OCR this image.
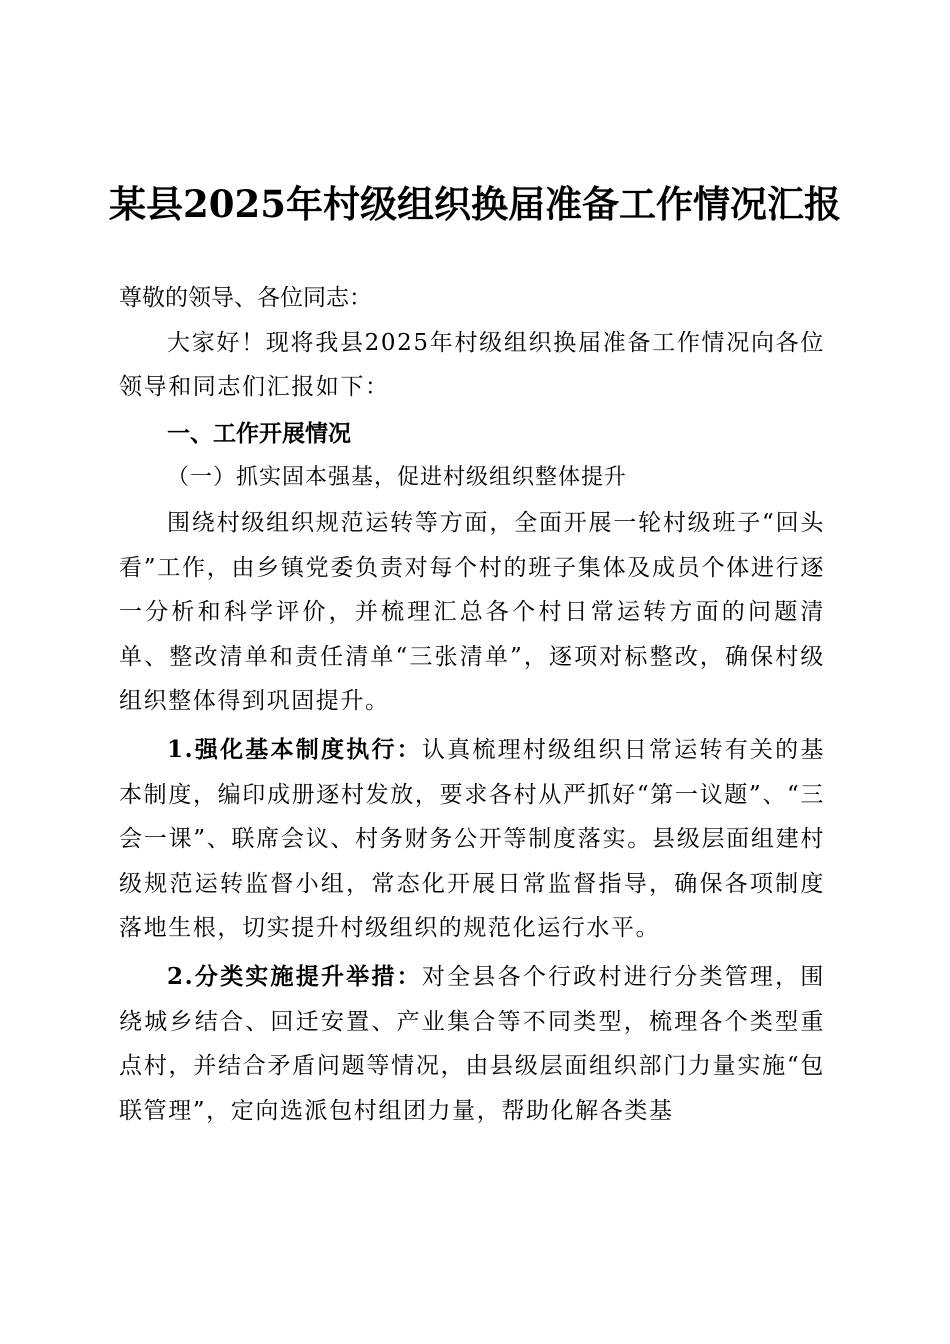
某县2025年村级组织换届准备工作情况汇报

尊敬的领导、各位同志：

大家好！现将我县2025年村级组织换届准备工作情况向各位领导和同志们汇报如下：

一、工作开展情况

（一）抓实固本强基，促进村级组织整体提升

围绕村级组织规范运转等方面，全面开展一轮村级班子“回头看”工作，由乡镇党委负责对每个村的班子集体及成员个体进行逐一分析和科学评价，并梳理汇总各个村日常运转方面的问题清单、整改清单和责任清单“三张清单”，逐项对标整改，确保村级组织整体得到巩固提升。

1.强化基本制度执行：认真梳理村级组织日常运转有关的基本制度，编印成册逐村发放，要求各村从严抓好“第一议题”、“三会一课”、联席会议、村务财务公开等制度落实。县级层面组建村级规范运转监督小组，常态化开展日常监督指导，确保各项制度落地生根，切实提升村级组织的规范化运行水平。

2.分类实施提升举措：对全县各个行政村进行分类管理，围绕城乡结合、回迁安置、产业集合等不同类型，梳理各个类型重点村，并结合矛盾问题等情况，由县级层面组织部门力量实施“包联管理”，定向选派包村组团力量，帮助化解各类基
